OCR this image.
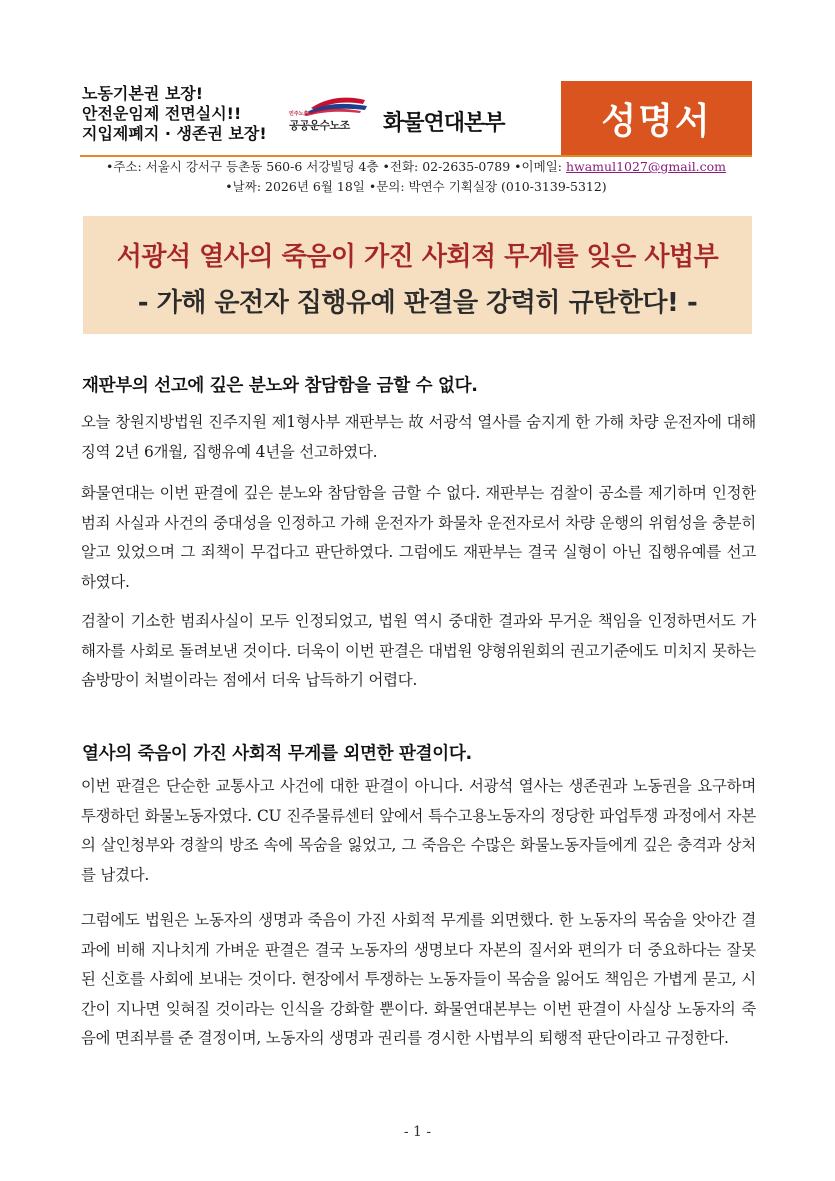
노동기본권 보장!
안전운임제 전면실시!!
지입제폐지 · 생존권 보장!
민주노총
공공운수노조 화물연대본부	성명서
•주소: 서울시 강서구 등촌동 560-6 서강빌딩 4층 •전화: 02-2635-0789 •이메일: hwamul1027@gmail.com
•날짜: 2026년 6월 18일 •문의: 박연수 기획실장 (010-3139-5312)
서광석 열사의 죽음이 가진 사회적 무게를 잊은 사법부
- 가해 운전자 집행유예 판결을 강력히 규탄한다! -
재판부의 선고에 깊은 분노와 참담함을 금할 수 없다.
오늘 창원지방법원 진주지원 제1형사부 재판부는 故 서광석 열사를 숨지게 한 가해 차량 운전자에 대해 징역 2년 6개월, 집행유예 4년을 선고하였다.
화물연대는 이번 판결에 깊은 분노와 참담함을 금할 수 없다. 재판부는 검찰이 공소를 제기하며 인정한 범죄 사실과 사건의 중대성을 인정하고 가해 운전자가 화물차 운전자로서 차량 운행의 위험성을 충분히 알고 있었으며 그 죄책이 무겁다고 판단하였다. 그럼에도 재판부는 결국 실형이 아닌 집행유예를 선고하였다.
검찰이 기소한 범죄사실이 모두 인정되었고, 법원 역시 중대한 결과와 무거운 책임을 인정하면서도 가해자를 사회로 돌려보낸 것이다. 더욱이 이번 판결은 대법원 양형위원회의 권고기준에도 미치지 못하는 솜방망이 처벌이라는 점에서 더욱 납득하기 어렵다.
열사의 죽음이 가진 사회적 무게를 외면한 판결이다.
이번 판결은 단순한 교통사고 사건에 대한 판결이 아니다. 서광석 열사는 생존권과 노동권을 요구하며 투쟁하던 화물노동자였다. CU 진주물류센터 앞에서 특수고용노동자의 정당한 파업투쟁 과정에서 자본의 살인청부와 경찰의 방조 속에 목숨을 잃었고, 그 죽음은 수많은 화물노동자들에게 깊은 충격과 상처를 남겼다.
그럼에도 법원은 노동자의 생명과 죽음이 가진 사회적 무게를 외면했다. 한 노동자의 목숨을 앗아간 결과에 비해 지나치게 가벼운 판결은 결국 노동자의 생명보다 자본의 질서와 편의가 더 중요하다는 잘못된 신호를 사회에 보내는 것이다. 현장에서 투쟁하는 노동자들이 목숨을 잃어도 책임은 가볍게 묻고, 시간이 지나면 잊혀질 것이라는 인식을 강화할 뿐이다. 화물연대본부는 이번 판결이 사실상 노동자의 죽음에 면죄부를 준 결정이며, 노동자의 생명과 권리를 경시한 사법부의 퇴행적 판단이라고 규정한다.
- 1 -
